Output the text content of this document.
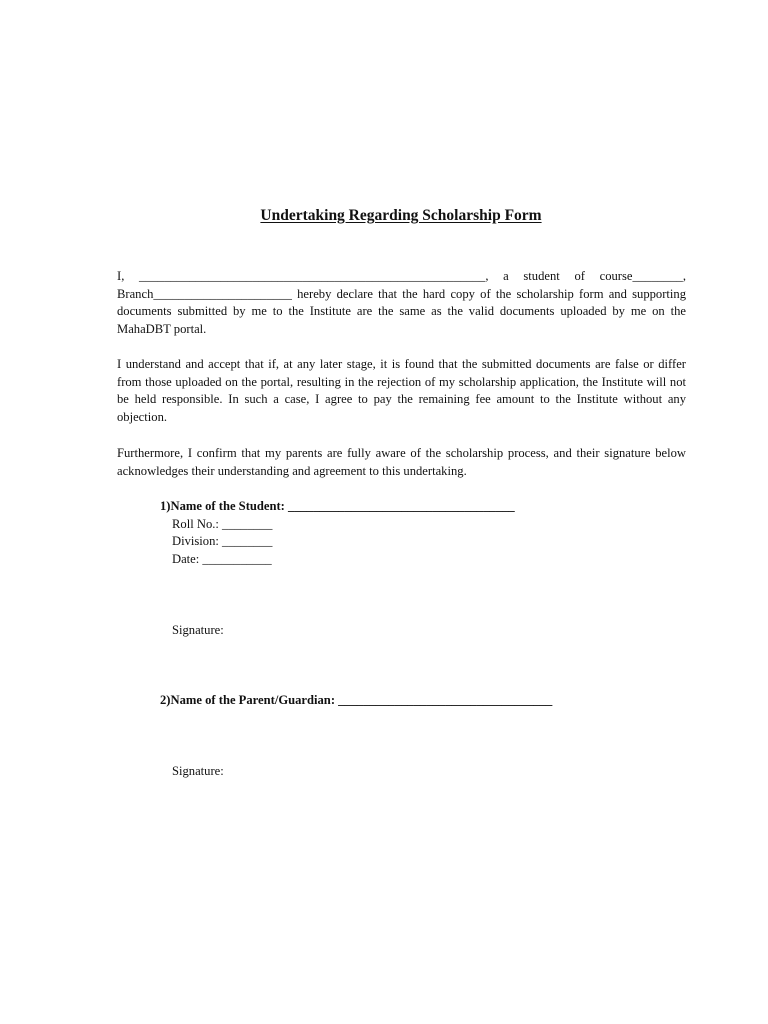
Undertaking Regarding Scholarship Form
I, _______________________________________________________, a student of course________, Branch______________________ hereby declare that the hard copy of the scholarship form and supporting documents submitted by me to the Institute are the same as the valid documents uploaded by me on the MahaDBT portal.
I understand and accept that if, at any later stage, it is found that the submitted documents are false or differ from those uploaded on the portal, resulting in the rejection of my scholarship application, the Institute will not be held responsible. In such a case, I agree to pay the remaining fee amount to the Institute without any objection.
Furthermore, I confirm that my parents are fully aware of the scholarship process, and their signature below acknowledges their understanding and agreement to this undertaking.
1)Name of the Student: ____________________________________
Roll No.: ________
Division: ________
Date: ___________
Signature:
2)Name of the Parent/Guardian: __________________________________
Signature:
